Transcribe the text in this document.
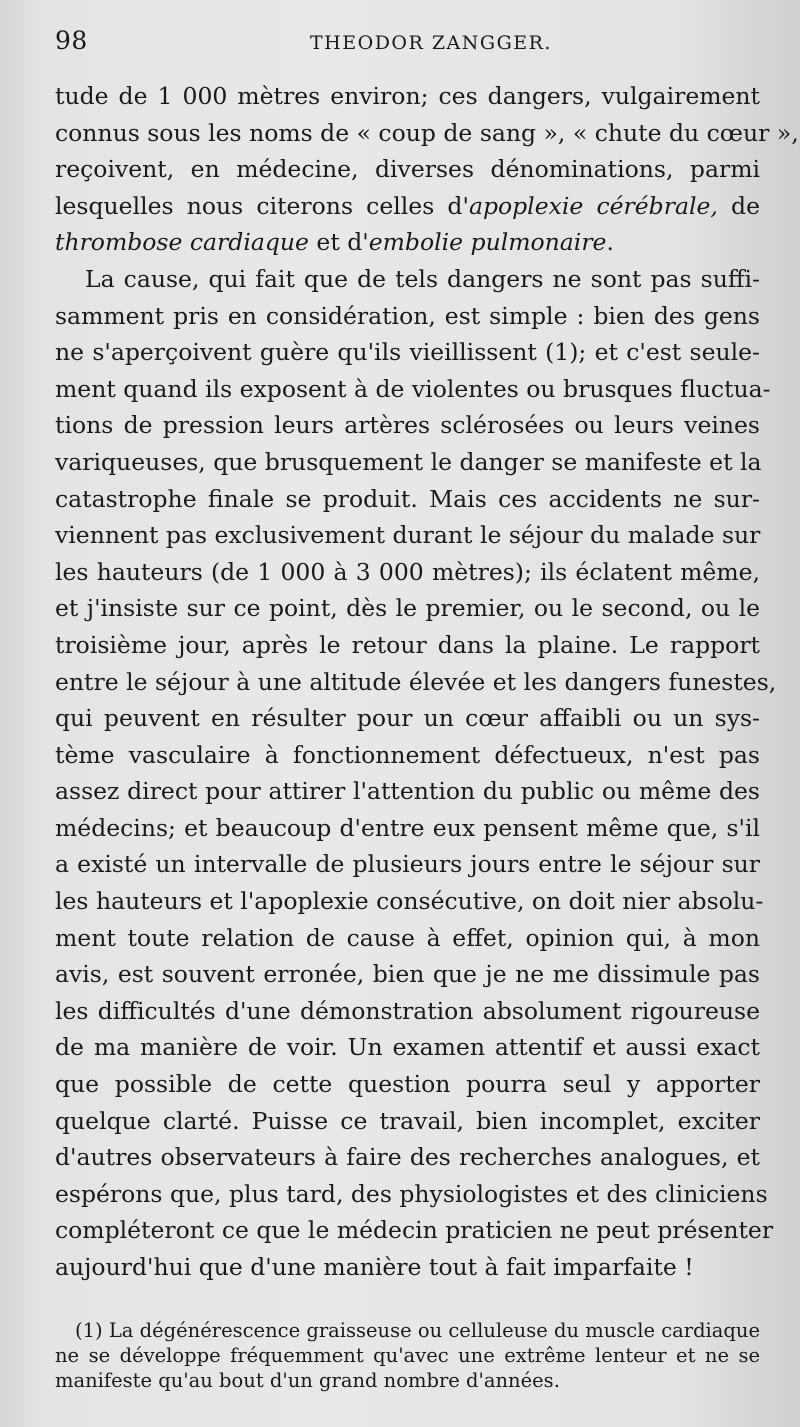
98	THEODOR ZANGGER.
tude de 1 000 mètres environ; ces dangers, vulgairement
connus sous les noms de « coup de sang », « chute du cœur »,
reçoivent, en médecine, diverses dénominations, parmi
lesquelles nous citerons celles d'apoplexie cérébrale, de
thrombose cardiaque et d'embolie pulmonaire.
La cause, qui fait que de tels dangers ne sont pas suffi-
samment pris en considération, est simple : bien des gens
ne s'aperçoivent guère qu'ils vieillissent (1); et c'est seule-
ment quand ils exposent à de violentes ou brusques fluctua-
tions de pression leurs artères sclérosées ou leurs veines
variqueuses, que brusquement le danger se manifeste et la
catastrophe finale se produit. Mais ces accidents ne sur-
viennent pas exclusivement durant le séjour du malade sur
les hauteurs (de 1 000 à 3 000 mètres); ils éclatent même,
et j'insiste sur ce point, dès le premier, ou le second, ou le
troisième jour, après le retour dans la plaine. Le rapport
entre le séjour à une altitude élevée et les dangers funestes,
qui peuvent en résulter pour un cœur affaibli ou un sys-
tème vasculaire à fonctionnement défectueux, n'est pas
assez direct pour attirer l'attention du public ou même des
médecins; et beaucoup d'entre eux pensent même que, s'il
a existé un intervalle de plusieurs jours entre le séjour sur
les hauteurs et l'apoplexie consécutive, on doit nier absolu-
ment toute relation de cause à effet, opinion qui, à mon
avis, est souvent erronée, bien que je ne me dissimule pas
les difficultés d'une démonstration absolument rigoureuse
de ma manière de voir. Un examen attentif et aussi exact
que possible de cette question pourra seul y apporter
quelque clarté. Puisse ce travail, bien incomplet, exciter
d'autres observateurs à faire des recherches analogues, et
espérons que, plus tard, des physiologistes et des cliniciens
compléteront ce que le médecin praticien ne peut présenter
aujourd'hui que d'une manière tout à fait imparfaite !
(1) La dégénérescence graisseuse ou celluleuse du muscle cardiaque
ne se développe fréquemment qu'avec une extrême lenteur et ne se
manifeste qu'au bout d'un grand nombre d'années.
